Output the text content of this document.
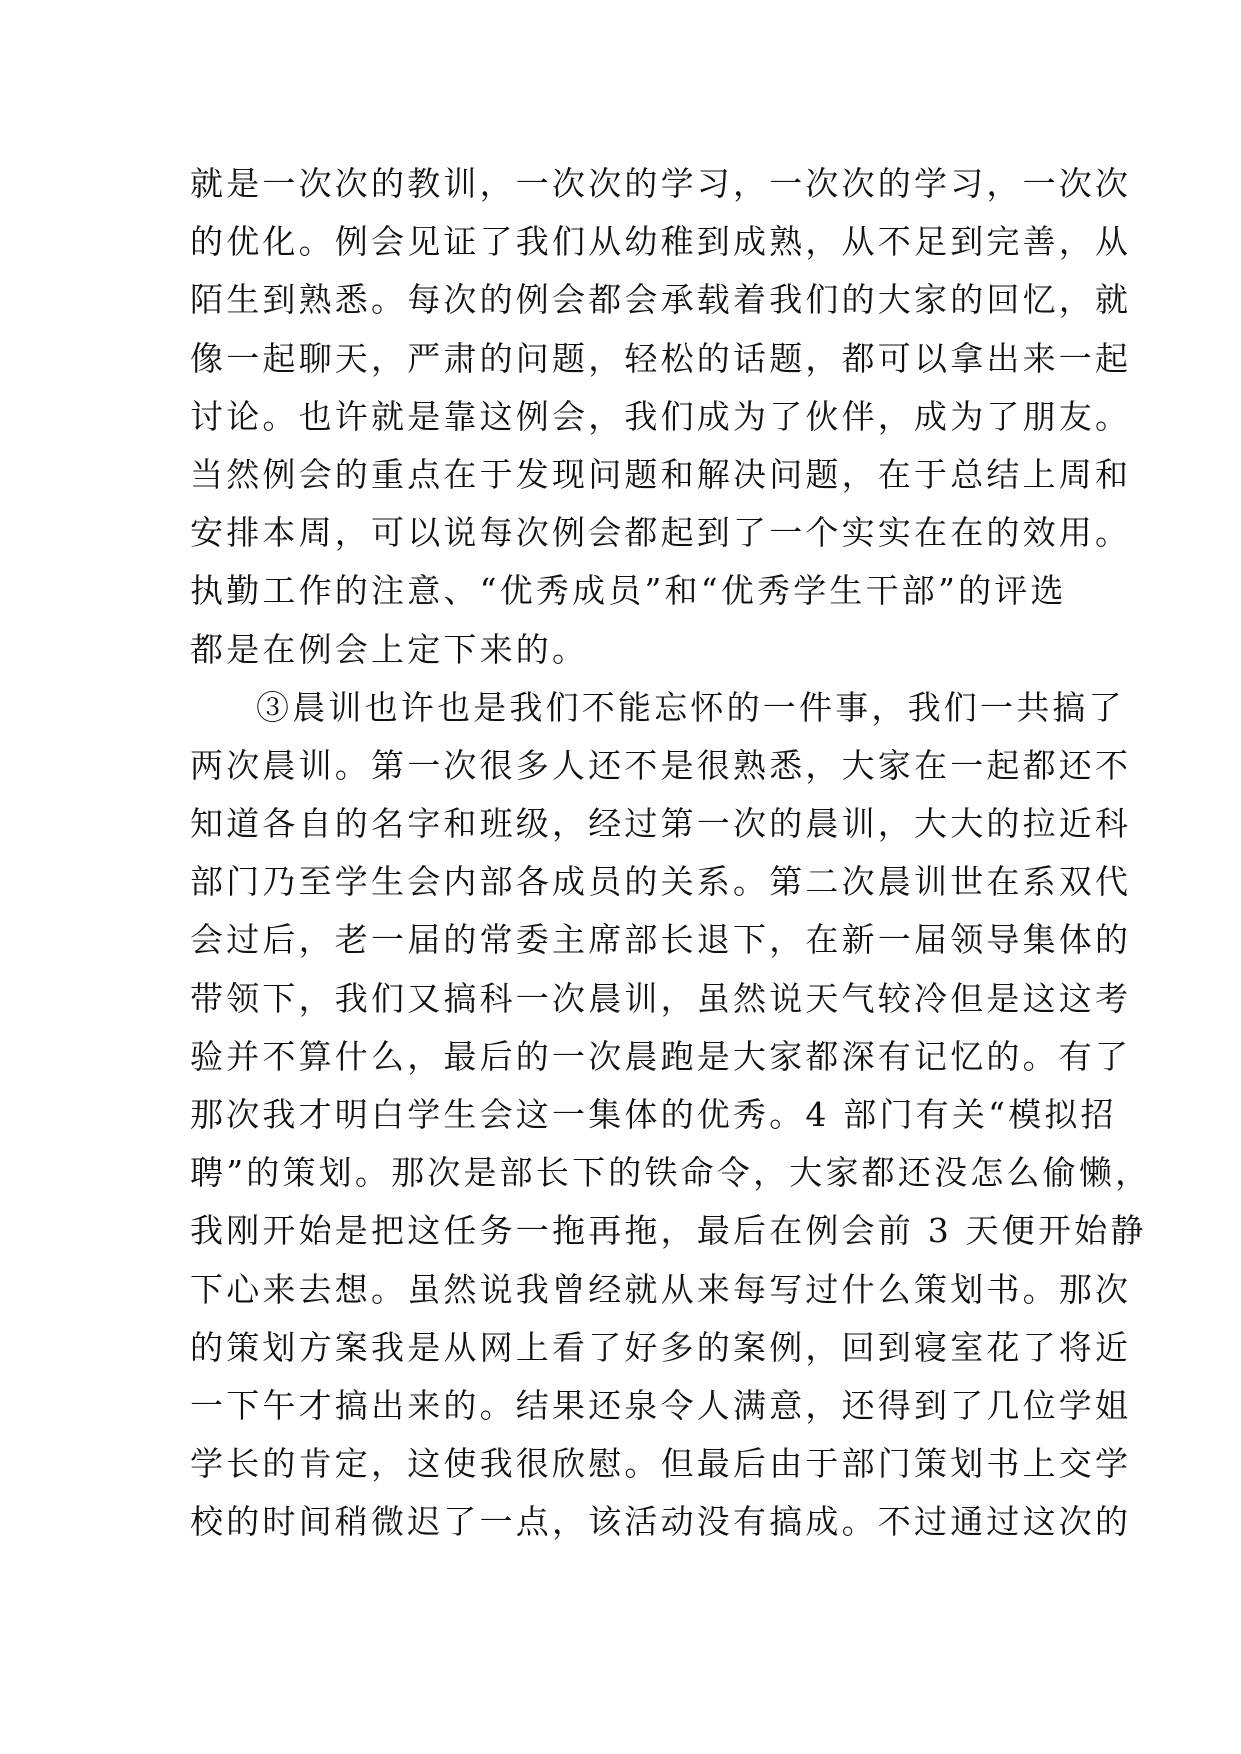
就是一次次的教训，一次次的学习，一次次的学习，一次次
的优化。例会见证了我们从幼稚到成熟，从不足到完善，从
陌生到熟悉。每次的例会都会承载着我们的大家的回忆，就
像一起聊天，严肃的问题，轻松的话题，都可以拿出来一起
讨论。也许就是靠这例会，我们成为了伙伴，成为了朋友。
当然例会的重点在于发现问题和解决问题，在于总结上周和
安排本周，可以说每次例会都起到了一个实实在在的效用。
执勤工作的注意、“优秀成员”和“优秀学生干部”的评选
都是在例会上定下来的。
③晨训也许也是我们不能忘怀的一件事，我们一共搞了
两次晨训。第一次很多人还不是很熟悉，大家在一起都还不
知道各自的名字和班级，经过第一次的晨训，大大的拉近科
部门乃至学生会内部各成员的关系。第二次晨训世在系双代
会过后，老一届的常委主席部长退下，在新一届领导集体的
带领下，我们又搞科一次晨训，虽然说天气较冷但是这这考
验并不算什么，最后的一次晨跑是大家都深有记忆的。有了
那次我才明白学生会这一集体的优秀。4 部门有关“模拟招
聘”的策划。那次是部长下的铁命令，大家都还没怎么偷懒，
我刚开始是把这任务一拖再拖，最后在例会前 3 天便开始静
下心来去想。虽然说我曾经就从来每写过什么策划书。那次
的策划方案我是从网上看了好多的案例，回到寝室花了将近
一下午才搞出来的。结果还泉令人满意，还得到了几位学姐
学长的肯定，这使我很欣慰。但最后由于部门策划书上交学
校的时间稍微迟了一点，该活动没有搞成。不过通过这次的
